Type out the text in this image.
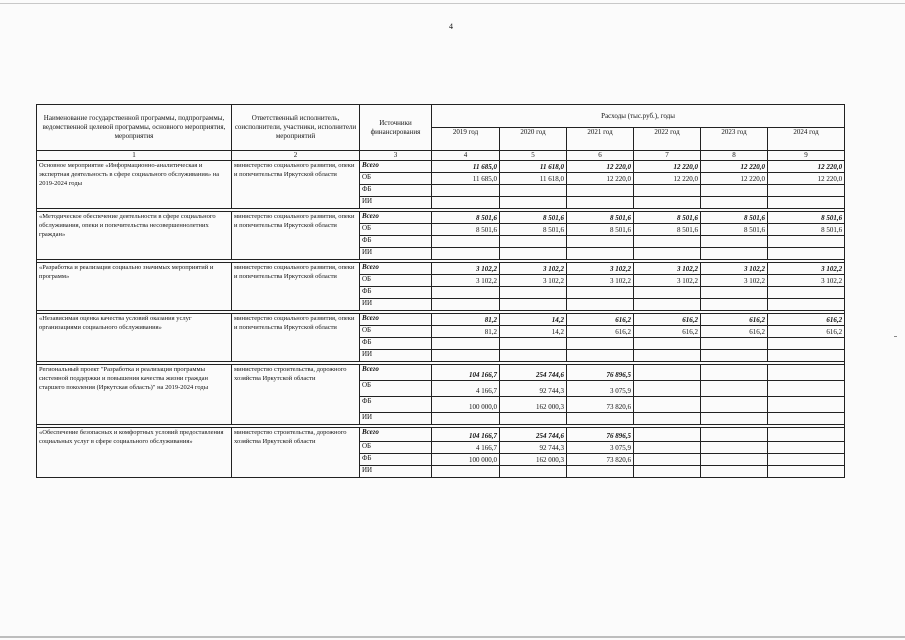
4
Наименование государственной программы, подпрограммы, ведомственной целевой программы, основного мероприятия, мероприятия	Ответственный исполнитель, соисполнители, участники, исполнители мероприятий	Источники финансирования	Расходы (тыс.руб.), годы					
			2019 год	2020 год	2021 год	2022 год	2023 год	2024 год
1	2	3	4	5	6	7	8	9
Основное мероприятие «Информационно-аналитическая и экспертная деятельность в сфере социального обслуживания» на 2019-2024 годы	министерство социального развития, опеки и попечительства Иркутской области	Всего	11 685,0	11 618,0	12 220,0	12 220,0	12 220,0	12 220,0
		ОБ	11 685,0	11 618,0	12 220,0	12 220,0	12 220,0	12 220,0
		ФБ						
		ИИ						

«Методическое обеспечение деятельности в сфере социального обслуживания, опеки и попечительства несовершеннолетних граждан»	министерство социального развития, опеки и попечительства Иркутской области	Всего	8 501,6	8 501,6	8 501,6	8 501,6	8 501,6	8 501,6
		ОБ	8 501,6	8 501,6	8 501,6	8 501,6	8 501,6	8 501,6
		ФБ						
		ИИ						

«Разработка и реализация социально значимых мероприятий и программ»	министерство социального развития, опеки и попечительства Иркутской области	Всего	3 102,2	3 102,2	3 102,2	3 102,2	3 102,2	3 102,2
		ОБ	3 102,2	3 102,2	3 102,2	3 102,2	3 102,2	3 102,2
		ФБ						
		ИИ						

«Независимая оценка качества условий оказания услуг организациями социального обслуживания»	министерство социального развития, опеки и попечительства Иркутской области	Всего	81,2	14,2	616,2	616,2	616,2	616,2
		ОБ	81,2	14,2	616,2	616,2	616,2	616,2
		ФБ						
		ИИ						

Региональный проект "Разработка и реализация программы системной поддержки и повышения качества жизни граждан старшего поколения (Иркутская область)" на 2019-2024 годы	министерство строительства, дорожного хозяйства Иркутской области	Всего	104 166,7	254 744,6	76 896,5			
		ОБ	4 166,7	92 744,3	3 075,9			
		ФБ	100 000,0	162 000,3	73 820,6			
		ИИ						

«Обеспечение безопасных и комфортных условий предоставления социальных услуг в сфере социального обслуживания»	министерство строительства, дорожного хозяйства Иркутской области	Всего	104 166,7	254 744,6	76 896,5			
		ОБ	4 166,7	92 744,3	3 075,9			
		ФБ	100 000,0	162 000,3	73 820,6			
		ИИ						
